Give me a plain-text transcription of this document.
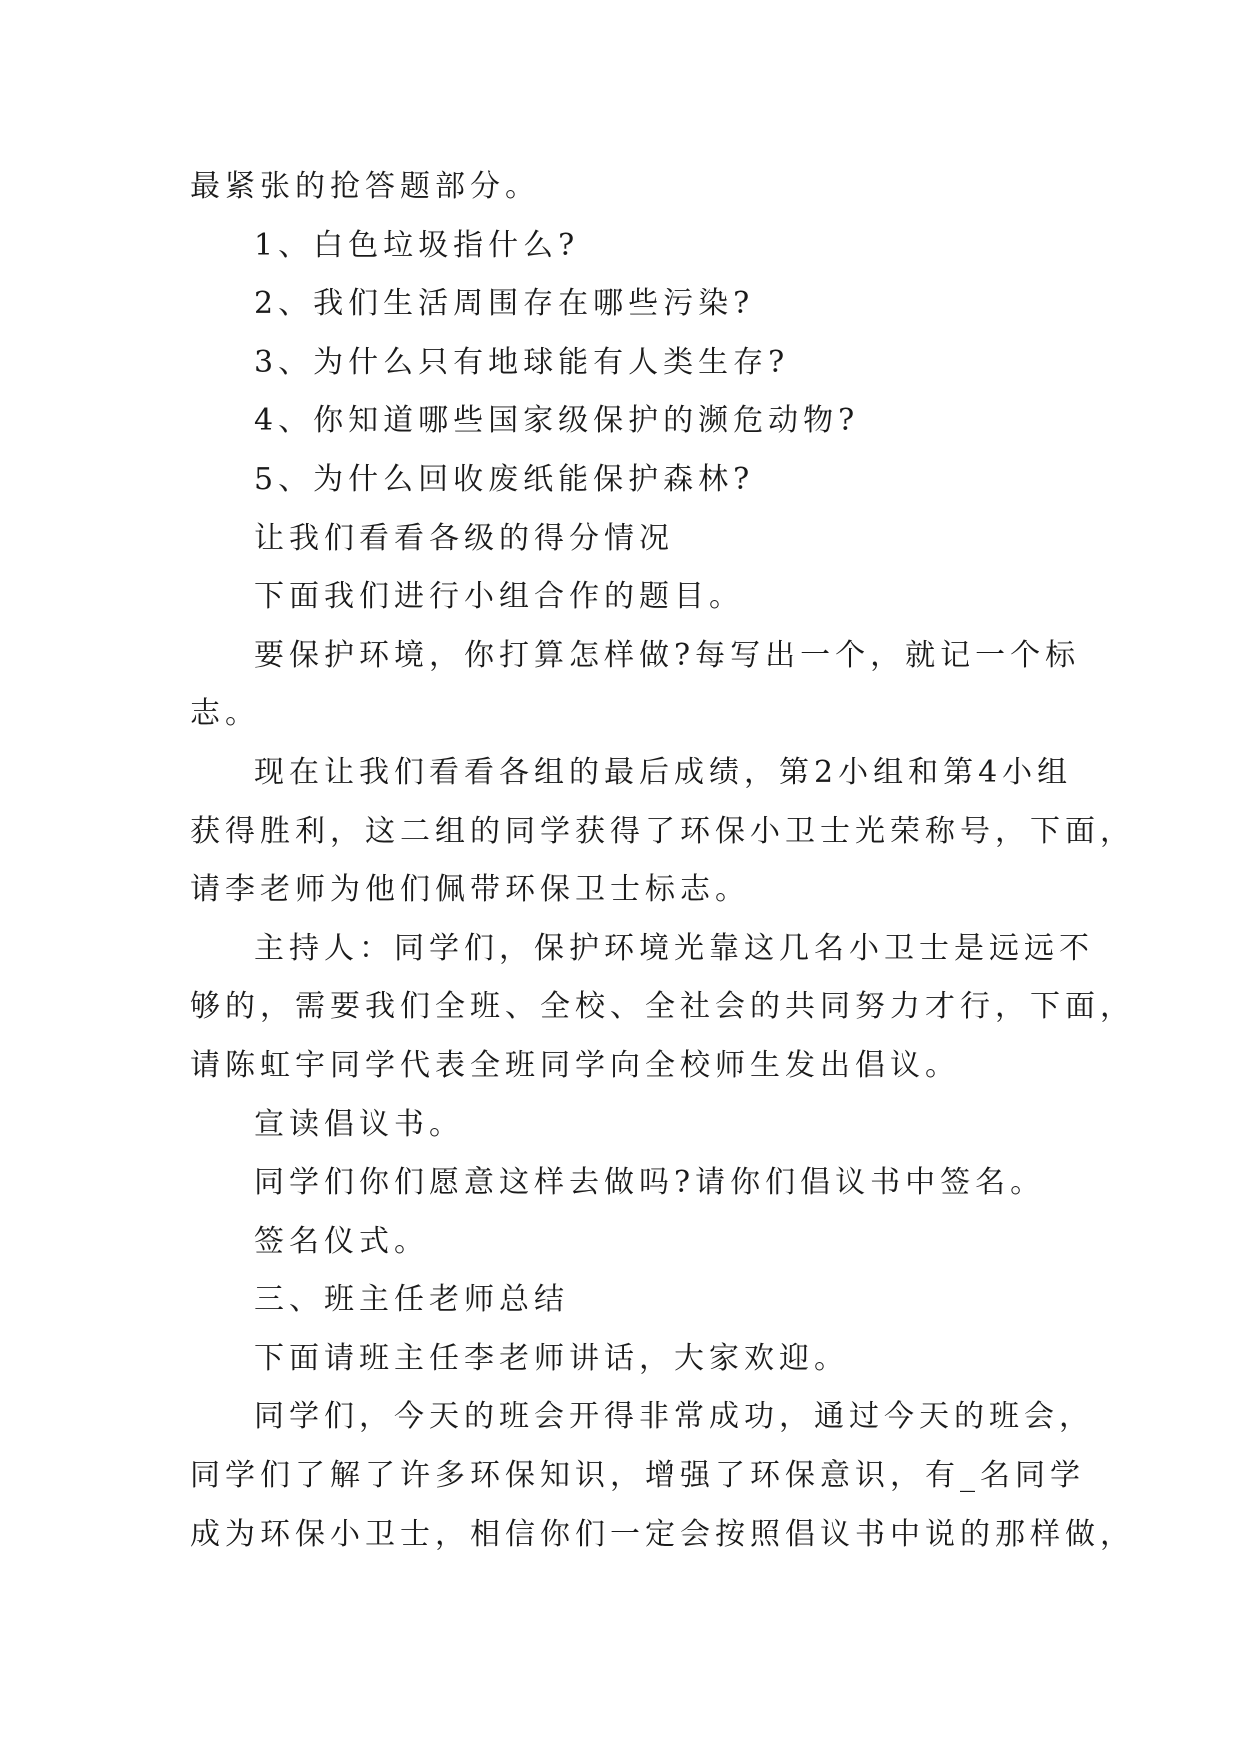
最紧张的抢答题部分。
1、白色垃圾指什么?
2、我们生活周围存在哪些污染?
3、为什么只有地球能有人类生存?
4、你知道哪些国家级保护的濒危动物?
5、为什么回收废纸能保护森林?
让我们看看各级的得分情况
下面我们进行小组合作的题目。
要保护环境，你打算怎样做?每写出一个，就记一个标
志。
现在让我们看看各组的最后成绩，第2小组和第4小组
获得胜利，这二组的同学获得了环保小卫士光荣称号，下面，
请李老师为他们佩带环保卫士标志。
主持人：同学们，保护环境光靠这几名小卫士是远远不
够的，需要我们全班、全校、全社会的共同努力才行，下面，
请陈虹宇同学代表全班同学向全校师生发出倡议。
宣读倡议书。
同学们你们愿意这样去做吗?请你们倡议书中签名。
签名仪式。
三、班主任老师总结
下面请班主任李老师讲话，大家欢迎。
同学们，今天的班会开得非常成功，通过今天的班会，
同学们了解了许多环保知识，增强了环保意识，有_名同学
成为环保小卫士，相信你们一定会按照倡议书中说的那样做，
